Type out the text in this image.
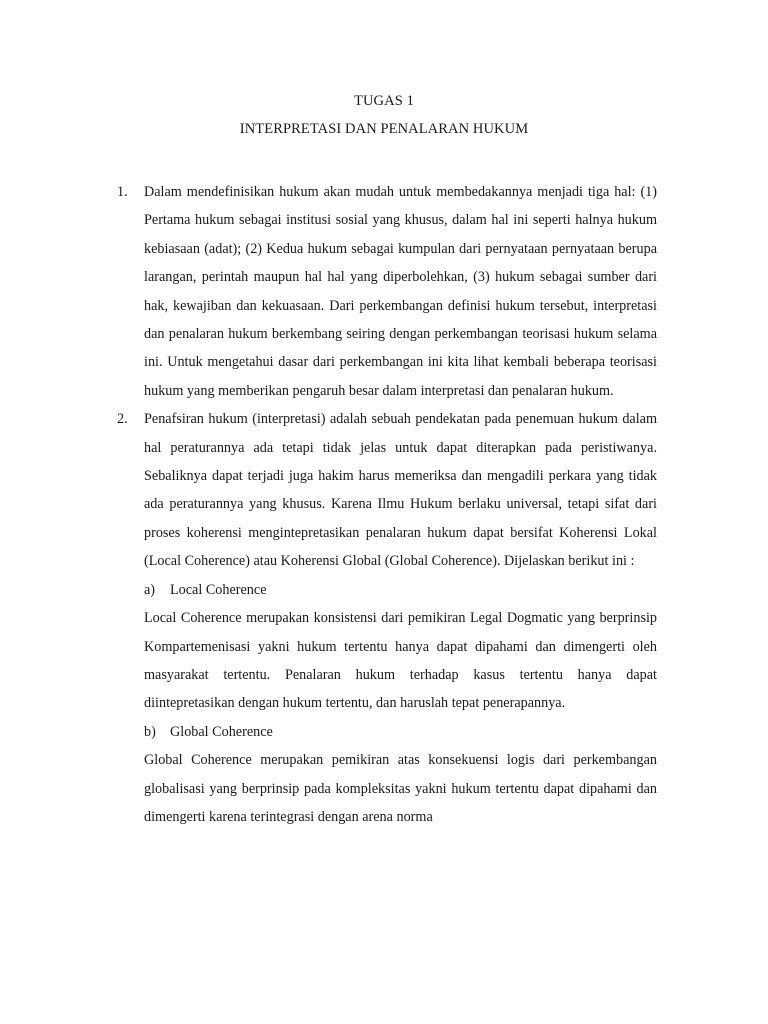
TUGAS 1
INTERPRETASI DAN PENALARAN HUKUM
1. Dalam mendefinisikan hukum akan mudah untuk membedakannya menjadi tiga hal: (1) Pertama hukum sebagai institusi sosial yang khusus, dalam hal ini seperti halnya hukum kebiasaan (adat); (2) Kedua hukum sebagai kumpulan dari pernyataan pernyataan berupa larangan, perintah maupun hal hal yang diperbolehkan, (3) hukum sebagai sumber dari hak, kewajiban dan kekuasaan. Dari perkembangan definisi hukum tersebut, interpretasi dan penalaran hukum berkembang seiring dengan perkembangan teorisasi hukum selama ini. Untuk mengetahui dasar dari perkembangan ini kita lihat kembali beberapa teorisasi hukum yang memberikan pengaruh besar dalam interpretasi dan penalaran hukum.

2. Penafsiran hukum (interpretasi) adalah sebuah pendekatan pada penemuan hukum dalam hal peraturannya ada tetapi tidak jelas untuk dapat diterapkan pada peristiwanya. Sebaliknya dapat terjadi juga hakim harus memeriksa dan mengadili perkara yang tidak ada peraturannya yang khusus. Karena Ilmu Hukum berlaku universal, tetapi sifat dari proses koherensi mengintepretasikan penalaran hukum dapat bersifat Koherensi Lokal (Local Coherence) atau Koherensi Global (Global Coherence). Dijelaskan berikut ini :

a) Local Coherence

Local Coherence merupakan konsistensi dari pemikiran Legal Dogmatic yang berprinsip Kompartemenisasi yakni hukum tertentu hanya dapat dipahami dan dimengerti oleh masyarakat tertentu. Penalaran hukum terhadap kasus tertentu hanya dapat diintepretasikan dengan hukum tertentu, dan haruslah tepat penerapannya.

b) Global Coherence

Global Coherence merupakan pemikiran atas konsekuensi logis dari perkembangan globalisasi yang berprinsip pada kompleksitas yakni hukum tertentu dapat dipahami dan dimengerti karena terintegrasi dengan arena norma
